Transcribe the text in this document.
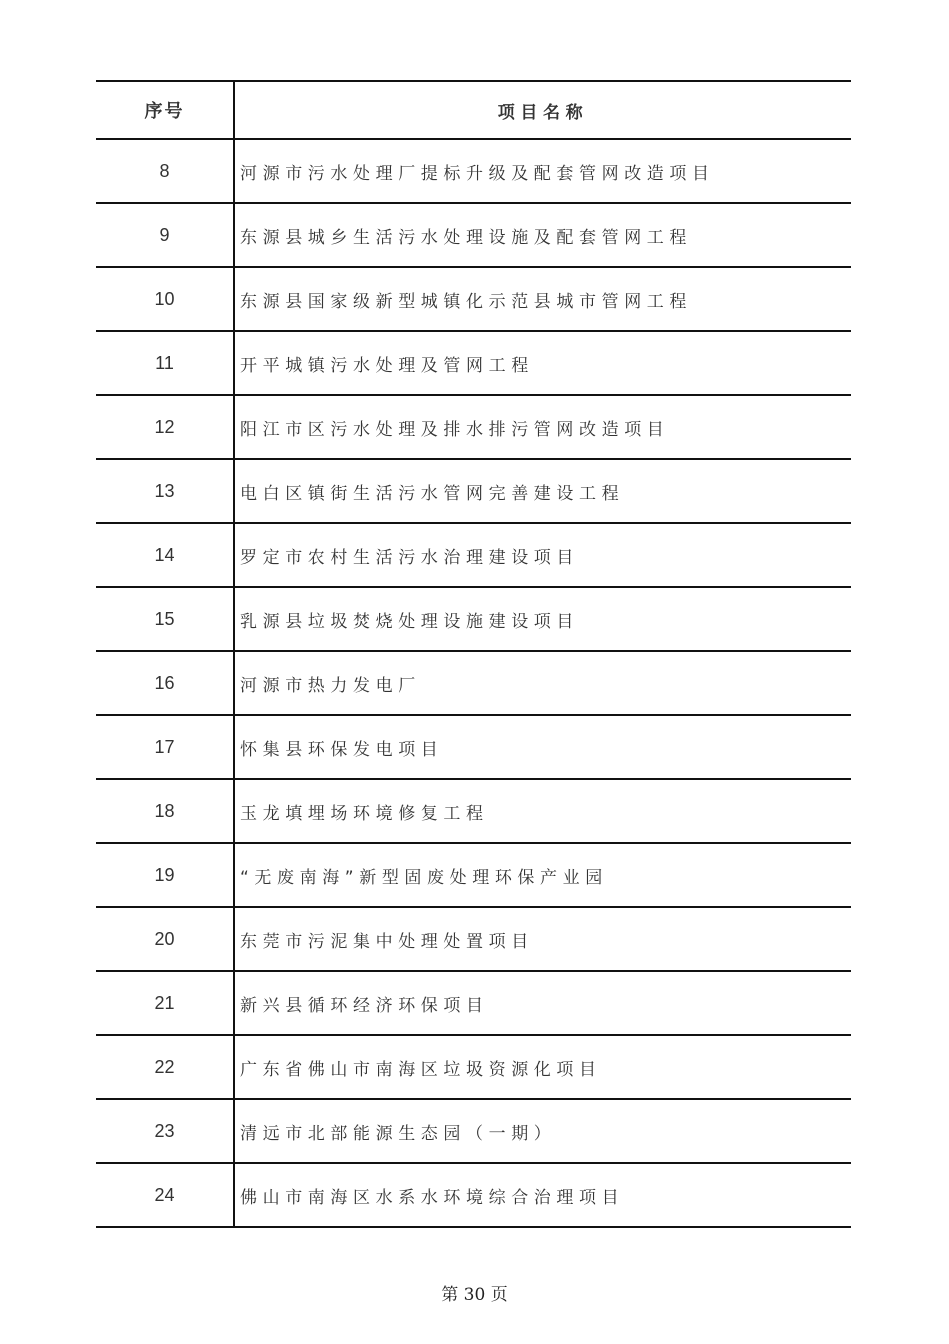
序号	项目名称
8	河源市污水处理厂提标升级及配套管网改造项目
9	东源县城乡生活污水处理设施及配套管网工程
10	东源县国家级新型城镇化示范县城市管网工程
11	开平城镇污水处理及管网工程
12	阳江市区污水处理及排水排污管网改造项目
13	电白区镇街生活污水管网完善建设工程
14	罗定市农村生活污水治理建设项目
15	乳源县垃圾焚烧处理设施建设项目
16	河源市热力发电厂
17	怀集县环保发电项目
18	玉龙填埋场环境修复工程
19	“无废南海”新型固废处理环保产业园
20	东莞市污泥集中处理处置项目
21	新兴县循环经济环保项目
22	广东省佛山市南海区垃圾资源化项目
23	清远市北部能源生态园（一期）
24	佛山市南海区水系水环境综合治理项目
第 30 页
